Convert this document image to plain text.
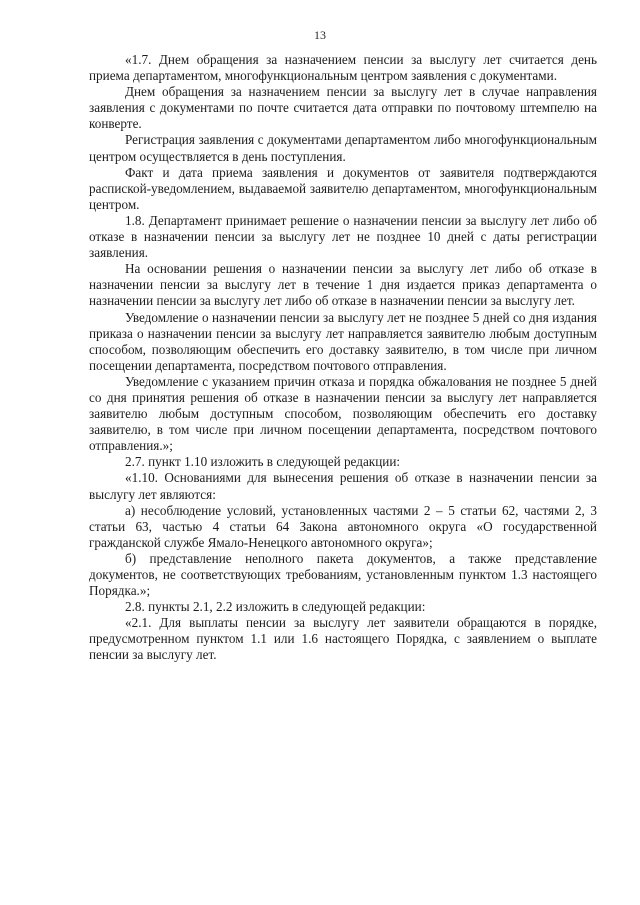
13

«1.7. Днем обращения за назначением пенсии за выслугу лет считается день приема департаментом, многофункциональным центром заявления с документами.

Днем обращения за назначением пенсии за выслугу лет в случае направления заявления с документами по почте считается дата отправки по почтовому штемпелю на конверте.

Регистрация заявления с документами департаментом либо многофункциональным центром осуществляется в день поступления.

Факт и дата приема заявления и документов от заявителя подтверждаются распиской-уведомлением, выдаваемой заявителю департаментом, многофункциональным центром.

1.8. Департамент принимает решение о назначении пенсии за выслугу лет либо об отказе в назначении пенсии за выслугу лет не позднее 10 дней с даты регистрации заявления.

На основании решения о назначении пенсии за выслугу лет либо об отказе в назначении пенсии за выслугу лет в течение 1 дня издается приказ департамента о назначении пенсии за выслугу лет либо об отказе в назначении пенсии за выслугу лет.

Уведомление о назначении пенсии за выслугу лет не позднее 5 дней со дня издания приказа о назначении пенсии за выслугу лет направляется заявителю любым доступным способом, позволяющим обеспечить его доставку заявителю, в том числе при личном посещении департамента, посредством почтового отправления.

Уведомление с указанием причин отказа и порядка обжалования не позднее 5 дней со дня принятия решения об отказе в назначении пенсии за выслугу лет направляется заявителю любым доступным способом, позволяющим обеспечить его доставку заявителю, в том числе при личном посещении департамента, посредством почтового отправления.»;

2.7. пункт 1.10 изложить в следующей редакции:

«1.10. Основаниями для вынесения решения об отказе в назначении пенсии за выслугу лет являются:

а) несоблюдение условий, установленных частями 2 – 5 статьи 62, частями 2, 3 статьи 63, частью 4 статьи 64 Закона автономного округа «О государственной гражданской службе Ямало-Ненецкого автономного округа»;

б) представление неполного пакета документов, а также представление документов, не соответствующих требованиям, установленным пунктом 1.3 настоящего Порядка.»;

2.8. пункты 2.1, 2.2 изложить в следующей редакции:

«2.1. Для выплаты пенсии за выслугу лет заявители обращаются в порядке, предусмотренном пунктом 1.1 или 1.6 настоящего Порядка, с заявлением о выплате пенсии за выслугу лет.
